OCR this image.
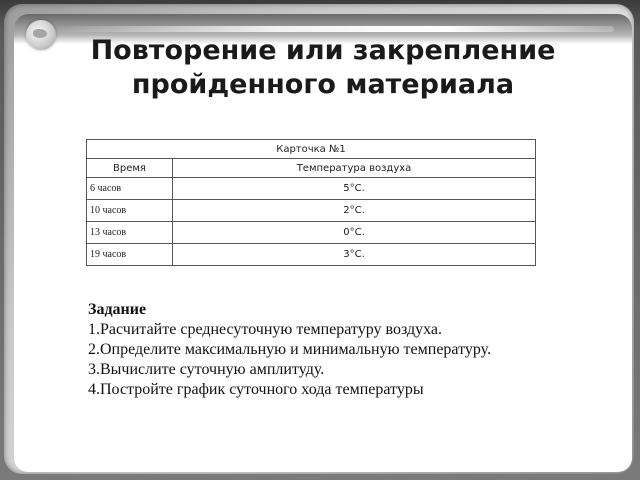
Повторение или закрепление
пройденного материала
Карточка №1	
Время	Температура воздуха
6 часов	5°С.
10 часов	2°С.
13 часов	0°С.
19 часов	3°С.
Задание
1.Расчитайте среднесуточную температуру воздуха.
2.Определите максимальную и минимальную температуру.
3.Вычислите суточную амплитуду.
4.Постройте график суточного хода температуры
